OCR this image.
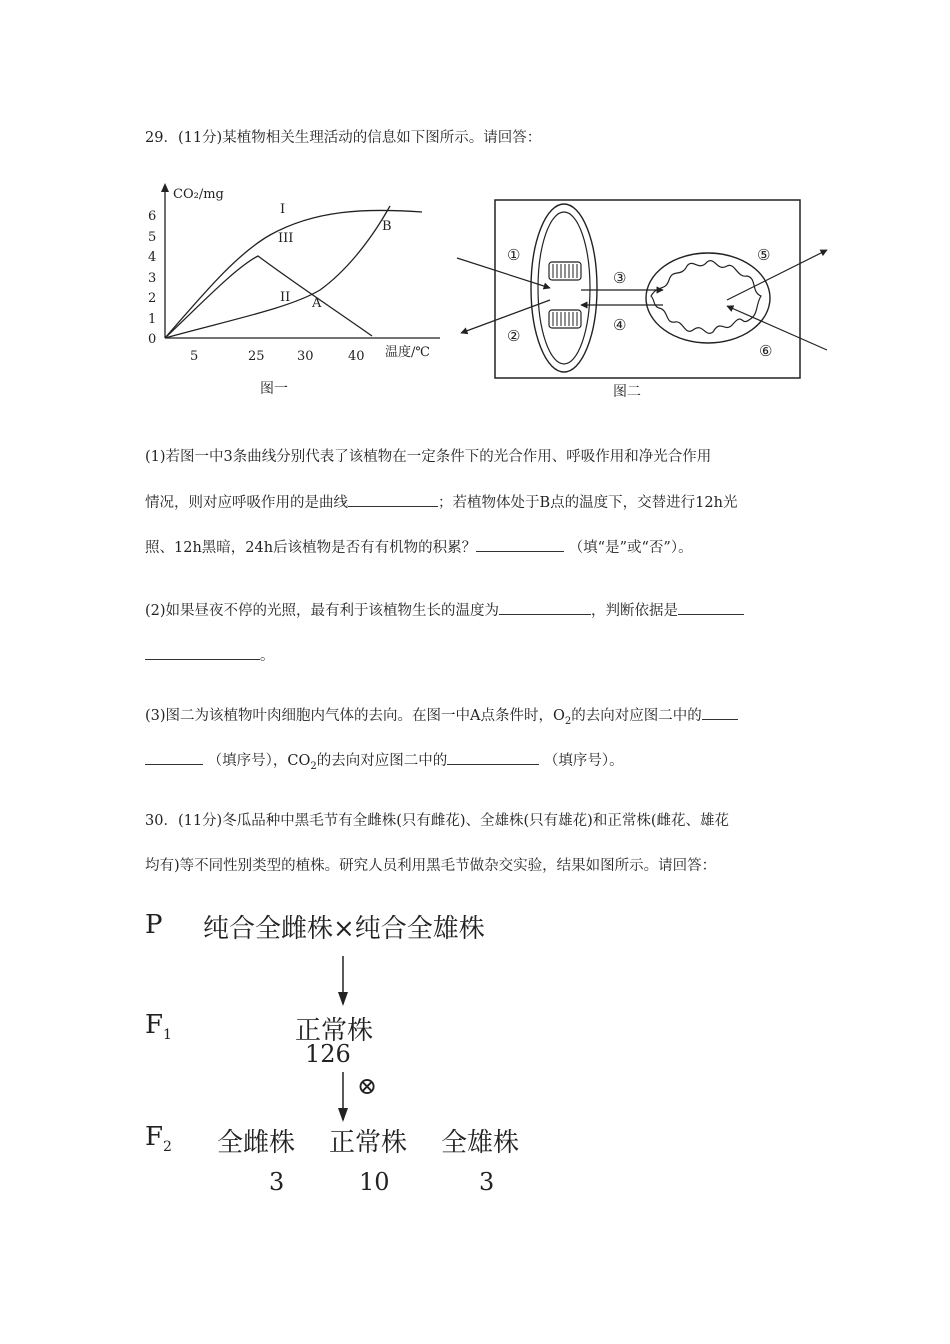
29．(11分)某植物相关生理活动的信息如下图所示。请回答：
CO₂/mg
温度/℃
6
5
4
3
2
1
0
5	25 30	40
I
III
II A
B
图一
①
②
③
④
⑤
⑥
图二
(1)若图一中3条曲线分别代表了该植物在一定条件下的光合作用、呼吸作用和净光合作用
情况，则对应呼吸作用的是曲线	；若植物体处于B点的温度下，交替进行12h光
照、12h黑暗，24h后该植物是否有有机物的积累？	（填“是”或“否”）。
(2)如果昼夜不停的光照，最有利于该植物生长的温度为	，判断依据是
。
(3)图二为该植物叶肉细胞内气体的去向。在图一中A点条件时，$O_2$的去向对应图二中的
（填序号），$CO_2$的去向对应图二中的	（填序号）。
30．(11分)冬瓜品种中黑毛节有全雌株(只有雌花)、全雄株(只有雄花)和正常株(雌花、雄花
均有)等不同性别类型的植株。研究人员利用黑毛节做杂交实验，结果如图所示。请回答：
P 纯合全雌株×纯合全雄株
$F_1$	正常株
126
⊗
$F_2$ 全雌株 正常株 全雄株
3	10	3
